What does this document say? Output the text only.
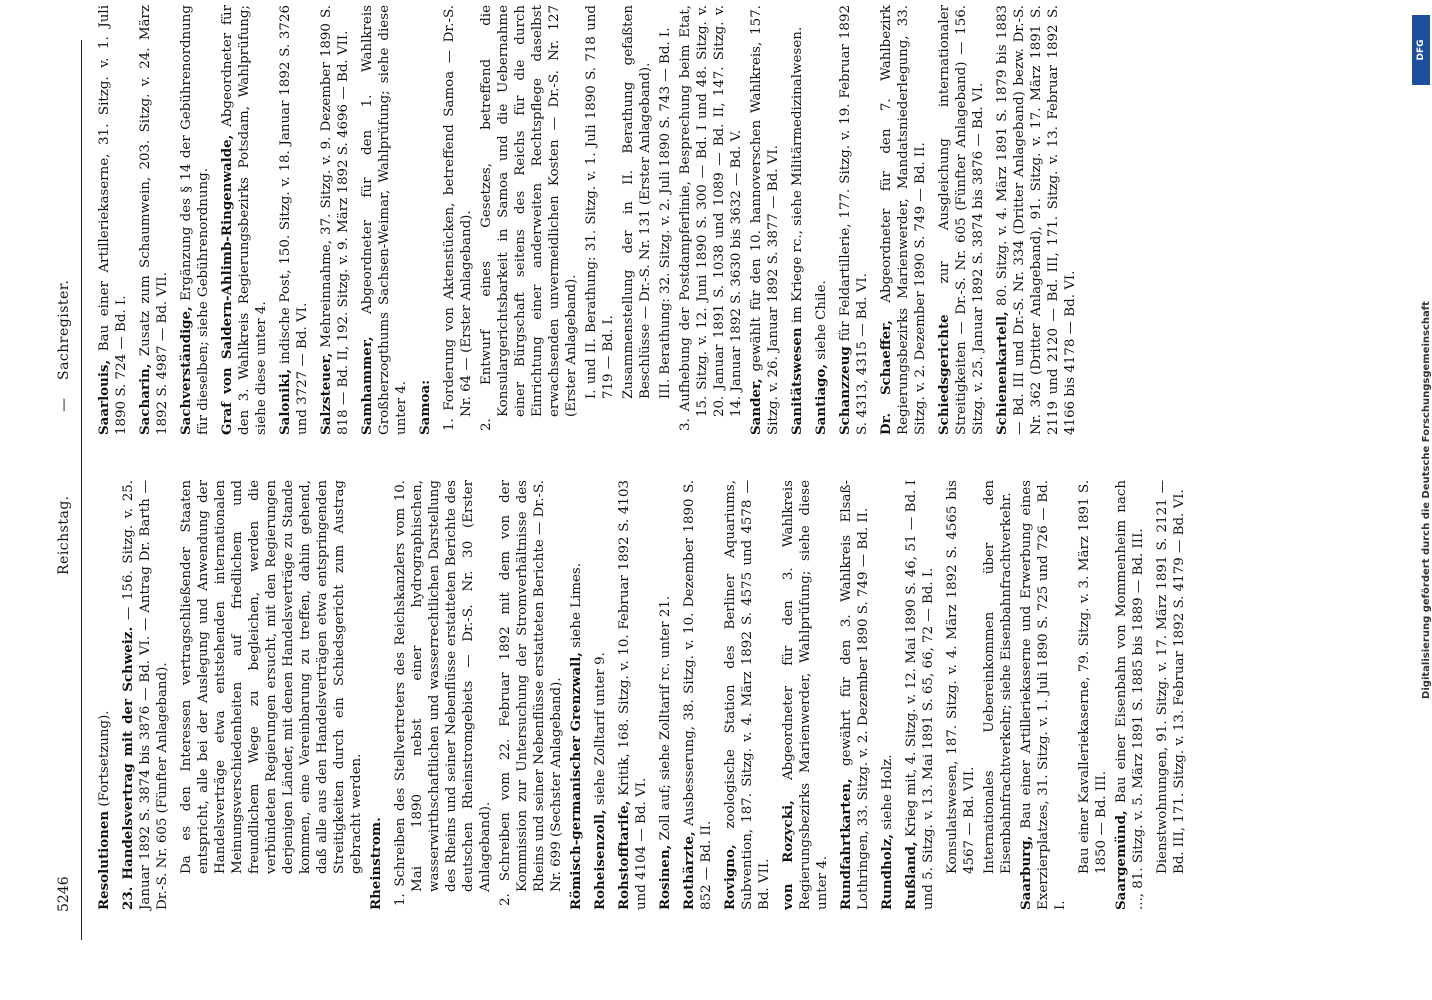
5246
Reichstag.
—
Sachregister.

Resolutionen (Fortsetzung). 23. Handelsvertrag mit der Schweiz. — 156. Sitzg. v. 25. Januar 1892 S. 3874 bis 3876 — Bd. VI. — Antrag Dr. Barth — Dr.-S. Nr. 605 (Fünfter Anlageband). Da es den Interessen vertragschließender Staaten entspricht, alle bei der Auslegung und Anwendung der Handelsverträge etwa entstehenden internationalen Meinungsverschiedenheiten auf friedlichem und freundlichem Wege zu begleichen, werden die verbündeten Regierungen ersucht, mit den Regierungen derjenigen Länder, mit denen Handelsverträge zu Stande kommen, eine Vereinbarung zu treffen, dahin gehend, daß alle aus den Handelsverträgen etwa entspringenden Streitigkeiten durch ein Schiedsgericht zum Austrag gebracht werden. Rheinstrom. 1. Schreiben des Stellvertreters des Reichskanzlers vom 10. Mai 1890 nebst einer hydrographischen, wasserwirthschaftlichen und wasserrechtlichen Darstellung des Rheins und seiner Nebenflüsse erstatteten Berichte des deutschen Rheinstromgebiets — Dr.-S. Nr. 30 (Erster Anlageband).

2. Schreiben vom 22. Februar 1892 mit dem von der Kommission zur Untersuchung der Stromverhältnisse des Rheins und seiner Nebenflüsse erstatteten Berichte — Dr.-S. Nr. 699 (Sechster Anlageband). Römisch-germanischer Grenzwall, siehe Limes.

Roheisenzoll, siehe Zolltarif unter 9.

Rohstofftarife, Kritik, 168. Sitzg. v. 10. Februar 1892 S. 4103 und 4104 — Bd. VI. Rosinen, Zoll auf; siehe Zolltarif rc. unter 21.

Rothärzte, Ausbesserung, 38. Sitzg. v. 10. Dezember 1890 S. 852 — Bd. II. Rovigno, zoologische Station des Berliner Aquariums, Subvention, 187. Sitzg. v. 4. März 1892 S. 4575 und 4578 — Bd. VII. von Rozycki, Abgeordneter für den 3. Wahlkreis Regierungsbezirks Marienwerder, Wahlprüfung; siehe diese unter 4. Rundfahrtkarten, gewährt für den 3. Wahlkreis Elsaß-Lothringen, 33. Sitzg. v. 2. Dezember 1890 S. 749 — Bd. II. Rundholz, siehe Holz.

Rußland, Krieg mit, 4. Sitzg. v. 12. Mai 1890 S. 46, 51 — Bd. I und 5. Sitzg. v. 13. Mai 1891 S. 65, 66, 72 — Bd. I. Konsulatswesen, 187. Sitzg. v. 4. März 1892 S. 4565 bis 4567 — Bd. VII. Internationales Uebereinkommen über den Eisenbahnfrachtverkehr; siehe Eisenbahnfrachtverkehr. Saarburg, Bau einer Artilleriekaserne und Erwerbung eines Exerzierplatzes, 31. Sitzg. v. 1. Juli 1890 S. 725 und 726 — Bd. I.

Bau einer Kavalleriekaserne, 79. Sitzg. v. 3. März 1891 S. 1850 — Bd. III. Saargemünd, Bau einer Eisenbahn von Mommenheim nach ..., 81. Sitzg. v. 5. März 1891 S. 1885 bis 1889 — Bd. III. Dienstwohnungen, 91. Sitzg. v. 17. März 1891 S. 2121 — Bd. III, 171. Sitzg. v. 13. Februar 1892 S. 4179 — Bd. VI.

Saarlouis, Bau einer Artilleriekaserne, 31. Sitzg. v. 1. Juli 1890 S. 724 — Bd. I. Sacharin, Zusatz zum Schaumwein, 203. Sitzg. v. 24. März 1892 S. 4987 — Bd. VII. Sachverständige, Ergänzung des § 14 der Gebührenordnung für dieselben; siehe Gebührenordnung. Graf von Saldern-Ahlimb-Ringenwalde, Abgeordneter für den 3. Wahlkreis Regierungsbezirks Potsdam, Wahlprüfung; siehe diese unter 4. Saloniki, indische Post, 150. Sitzg. v. 18. Januar 1892 S. 3726 und 3727 — Bd. VI. Salzsteuer, Mehreinnahme, 37. Sitzg. v. 9. Dezember 1890 S. 818 — Bd. II, 192. Sitzg. v. 9. März 1892 S. 4696 — Bd. VII. Samhammer, Abgeordneter für den 1. Wahlkreis Großherzogthums Sachsen-Weimar, Wahlprüfung; siehe diese unter 4. Samoa: 1. Forderung von Aktenstücken, betreffend Samoa — Dr.-S. Nr. 64 — (Erster Anlageband).

2. Entwurf eines Gesetzes, betreffend die Konsulargerichtsbarkeit in Samoa und die Uebernahme einer Bürgschaft seitens des Reichs für die durch Einrichtung einer anderweiten Rechtspflege daselbst erwachsenden unvermeidlichen Kosten — Dr.-S. Nr. 127 (Erster Anlageband). I. und II. Berathung: 31. Sitzg. v. 1. Juli 1890 S. 718 und 719 — Bd. I. Zusammenstellung der in II. Berathung gefaßten Beschlüsse — Dr.-S. Nr. 131 (Erster Anlageband). III. Berathung: 32. Sitzg. v. 2. Juli 1890 S. 743 — Bd. I.

3. Aufhebung der Postdampferlinie, Besprechung beim Etat, 15. Sitzg. v. 12. Juni 1890 S. 300 — Bd. I und 48. Sitzg. v. 20. Januar 1891 S. 1038 und 1089 — Bd. II, 147. Sitzg. v. 14. Januar 1892 S. 3630 bis 3632 — Bd. V. Sander, gewählt für den 10. hannoverschen Wahlkreis, 157. Sitzg. v. 26. Januar 1892 S. 3877 — Bd. VI. Sanitätswesen im Kriege rc., siehe Militärmedizinalwesen.

Santiago, siehe Chile.

Schanzzeug für Feldartillerie, 177. Sitzg. v. 19. Februar 1892 S. 4313, 4315 — Bd. VI. Dr. Schaeffer, Abgeordneter für den 7. Wahlbezirk Regierungsbezirks Marienwerder, Mandatsniederlegung, 33. Sitzg. v. 2. Dezember 1890 S. 749 — Bd. II. Schiedsgerichte zur Ausgleichung internationaler Streitigkeiten — Dr.-S. Nr. 605 (Fünfter Anlageband) — 156. Sitzg. v. 25. Januar 1892 S. 3874 bis 3876 — Bd. VI. Schienenkartell, 80. Sitzg. v. 4. März 1891 S. 1879 bis 1883 — Bd. III und Dr.-S. Nr. 334 (Dritter Anlageband) bezw. Dr.-S. Nr. 362 (Dritter Anlageband), 91. Sitzg. v. 17. März 1891 S. 2119 und 2120 — Bd. III, 171. Sitzg. v. 13. Februar 1892 S. 4166 bis 4178 — Bd. VI.	Digitalisierung gefördert durch die Deutsche Forschungsgemeinschaft
DFG
